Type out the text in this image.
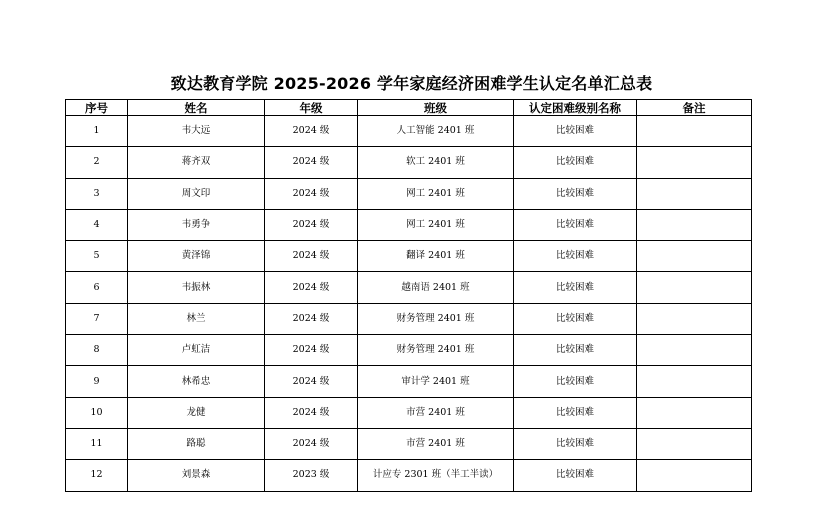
致达教育学院 2025-2026 学年家庭经济困难学生认定名单汇总表
序号	姓名	年级	班级	认定困难级别名称	备注
1	韦大远	2024 级	人工智能 2401 班	比较困难	
2	蒋齐双	2024 级	软工 2401 班	比较困难	
3	周文印	2024 级	网工 2401 班	比较困难	
4	韦勇争	2024 级	网工 2401 班	比较困难	
5	黄泽锦	2024 级	翻译 2401 班	比较困难	
6	韦振林	2024 级	越南语 2401 班	比较困难	
7	林兰	2024 级	财务管理 2401 班	比较困难	
8	卢虹洁	2024 级	财务管理 2401 班	比较困难	
9	林希忠	2024 级	审计学 2401 班	比较困难	
10	龙健	2024 级	市营 2401 班	比较困难	
11	路聪	2024 级	市营 2401 班	比较困难	
12	刘景森	2023 级	计应专 2301 班（半工半读）	比较困难	
